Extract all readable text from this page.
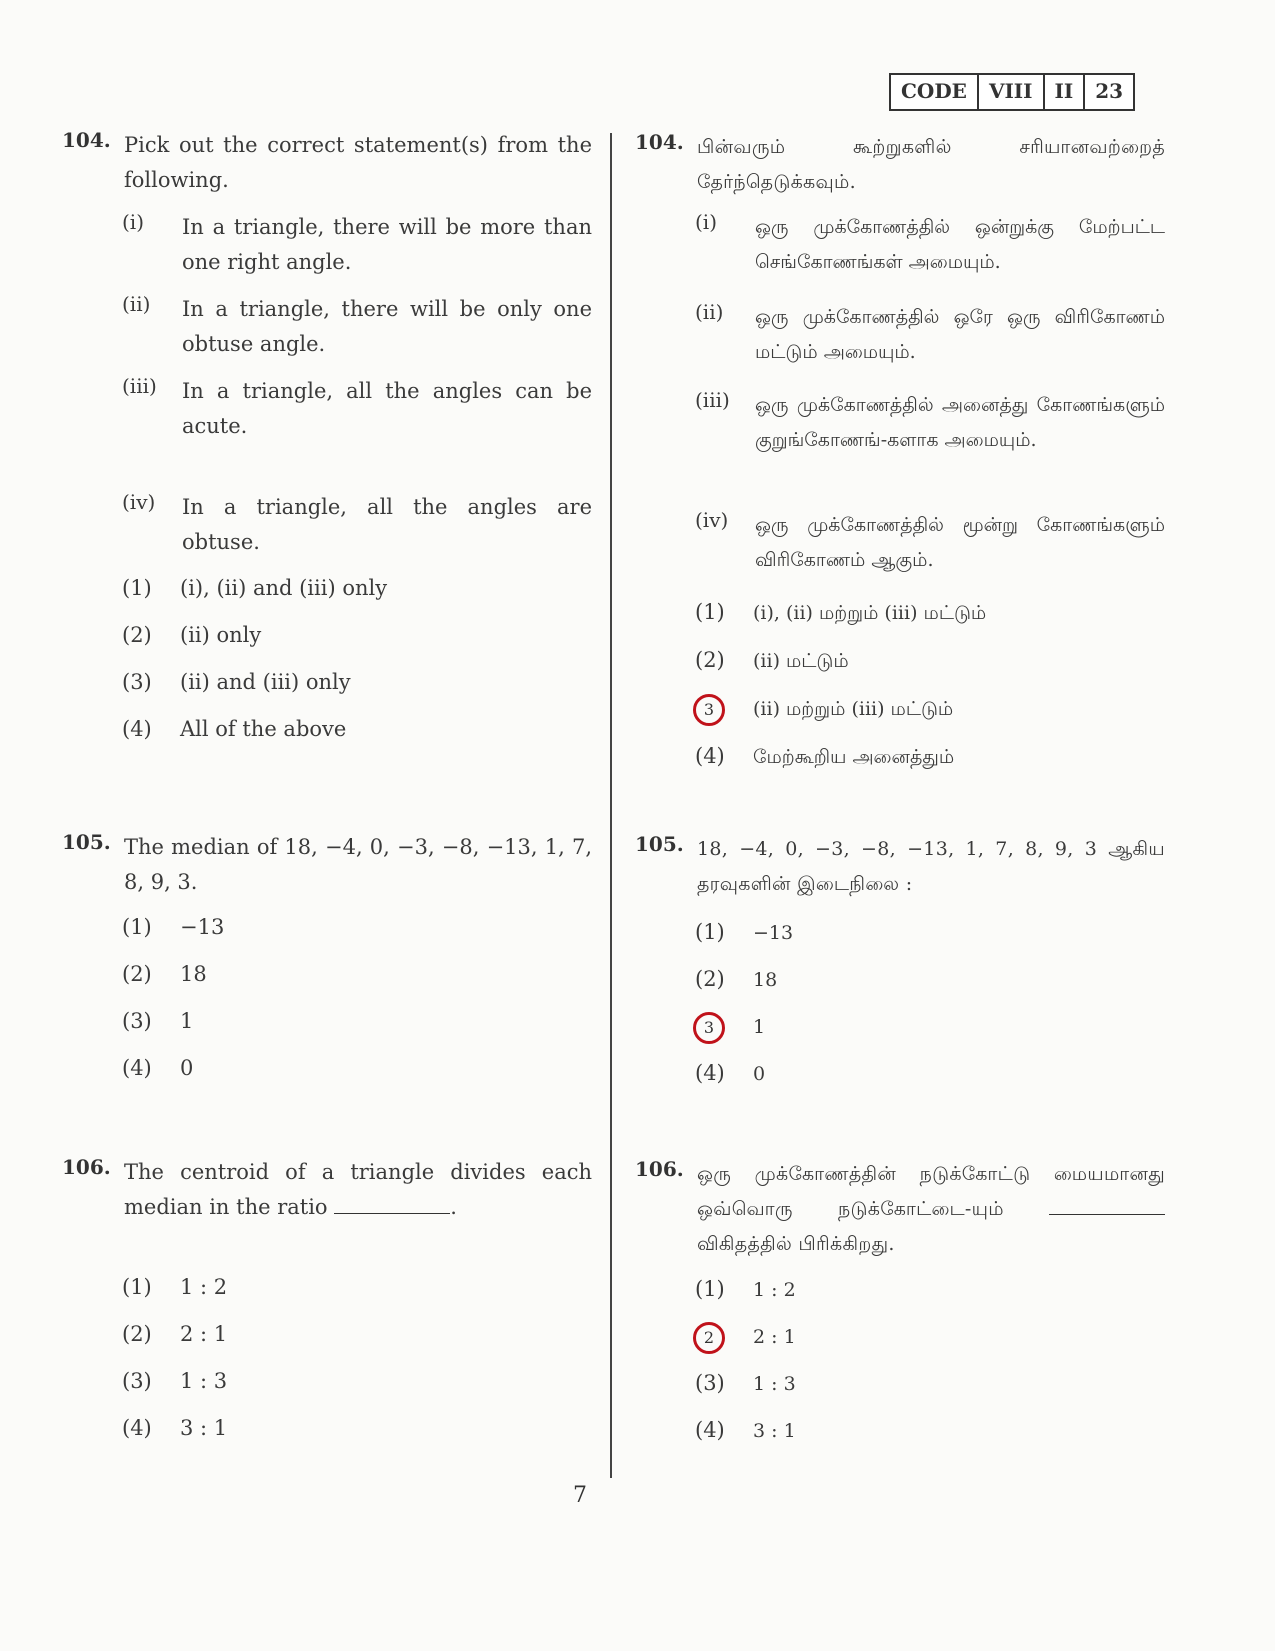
CODE	VIII	II	23
104. Pick out the correct statement(s) from the following.
(i) In a triangle, there will be more than one right angle.
(ii) In a triangle, there will be only one obtuse angle.
(iii) In a triangle, all the angles can be acute.
(iv) In a triangle, all the angles are obtuse.
(1) (i), (ii) and (iii) only
(2) (ii) only
(3) (ii) and (iii) only
(4) All of the above
105. The median of 18, −4, 0, −3, −8, −13, 1, 7, 8, 9, 3.
(1) −13
(2) 18
(3) 1
(4) 0
106. The centroid of a triangle divides each median in the ratio	.
(1) 1 : 2
(2) 2 : 1
(3) 1 : 3
(4) 3 : 1
104. பின்வரும் கூற்றுகளில் சரியானவற்றைத் தேர்ந்தெடுக்கவும்.
(i) ஒரு முக்கோணத்தில் ஒன்றுக்கு மேற்பட்ட செங்கோணங்கள் அமையும்.
(ii) ஒரு முக்கோணத்தில் ஒரே ஒரு விரிகோணம் மட்டும் அமையும்.
(iii) ஒரு முக்கோணத்தில் அனைத்து கோணங்களும் குறுங்கோணங்-களாக அமையும்.
(iv) ஒரு முக்கோணத்தில் மூன்று கோணங்களும் விரிகோணம் ஆகும்.
(1) (i), (ii) மற்றும் (iii) மட்டும்
(2) (ii) மட்டும்
3 (ii) மற்றும் (iii) மட்டும்
(4) மேற்கூறிய அனைத்தும்
105. 18, −4, 0, −3, −8, −13, 1, 7, 8, 9, 3 ஆகிய தரவுகளின் இடைநிலை :
(1) −13
(2) 18
3 1
(4) 0
106. ஒரு முக்கோணத்தின் நடுக்கோட்டு மையமானது ஒவ்வொரு நடுக்கோட்டை-யும்  விகிதத்தில் பிரிக்கிறது.
(1) 1 : 2
2 2 : 1
(3) 1 : 3
(4) 3 : 1
7
